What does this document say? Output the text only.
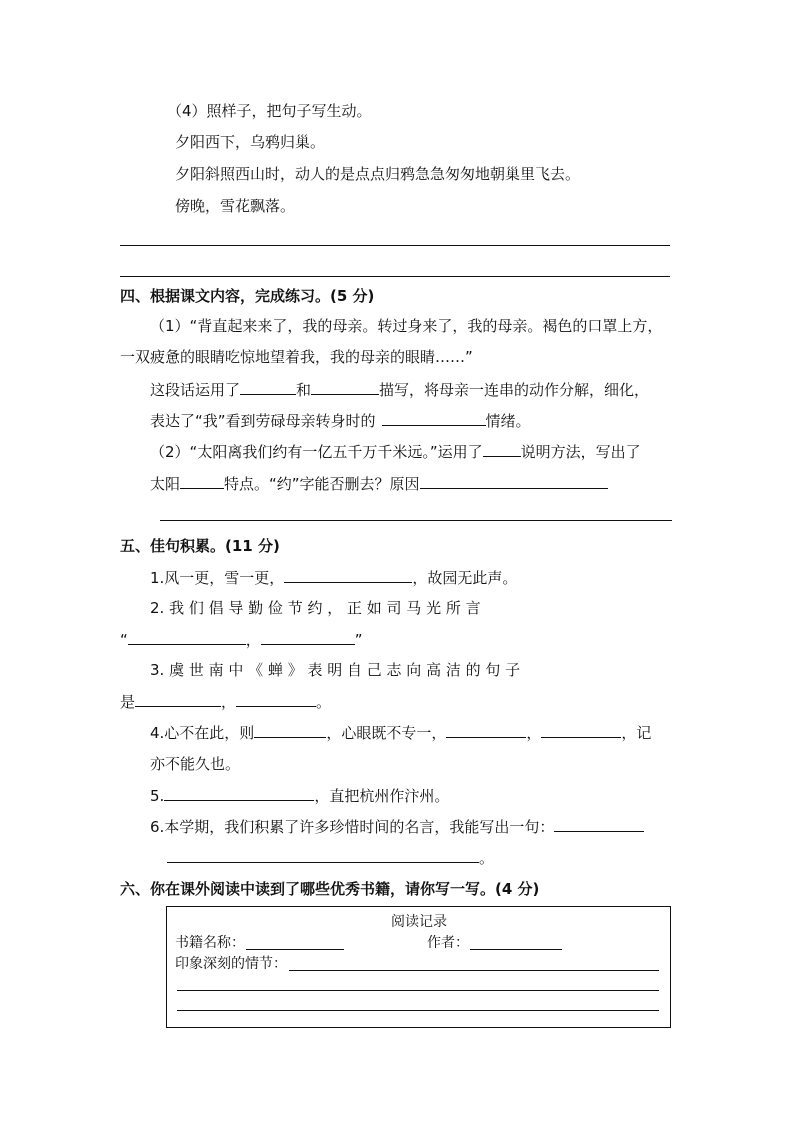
（4）照样子，把句子写生动。
夕阳西下，乌鸦归巢。
夕阳斜照西山时，动人的是点点归鸦急急匆匆地朝巢里飞去。
傍晚，雪花飘落。
四、根据课文内容，完成练习。(5 分)
（1）“背直起来来了，我的母亲。转过身来了，我的母亲。褐色的口罩上方，
一双疲惫的眼睛吃惊地望着我，我的母亲的眼睛……”
这段话运用了	和	描写，将母亲一连串的动作分解，细化，
表达了“我”看到劳碌母亲转身时的	情绪。
（2）“太阳离我们约有一亿五千万千米远。”运用了	说明方法，写出了
太阳	特点。“约”字能否删去？原因
五、佳句积累。(11 分)
1.风一更，雪一更，	，故园无此声。
2. 我 们 倡 导 勤 俭 节 约 ， 正 如 司 马 光 所 言
“	，	”
3. 虞 世 南 中 《 蝉 》 表 明 自 己 志 向 高 洁 的 句 子
是	，	。
4.心不在此，则	，心眼既不专一，	，	，记
亦不能久也。
5.	，直把杭州作汴州。
6.本学期，我们积累了许多珍惜时间的名言，我能写出一句：
。
六、你在课外阅读中读到了哪些优秀书籍，请你写一写。(4 分)
阅读记录
书籍名称：	作者：
印象深刻的情节：
